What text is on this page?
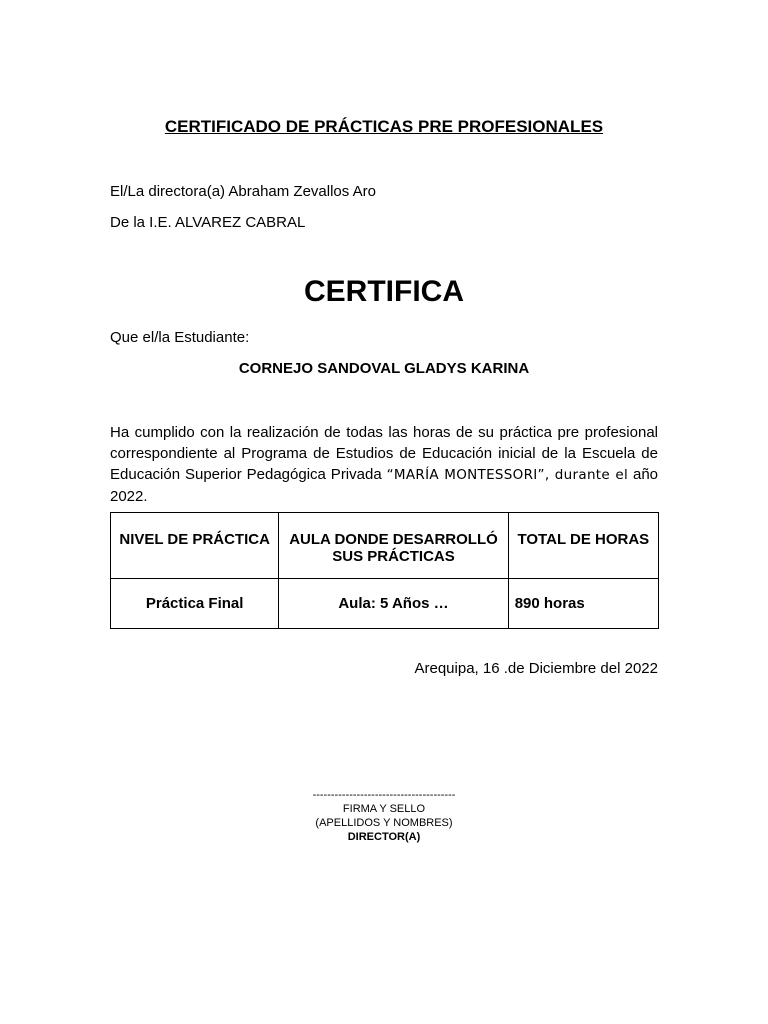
CERTIFICADO DE PRÁCTICAS PRE PROFESIONALES
El/La directora(a) Abraham Zevallos Aro
De la I.E. ALVAREZ CABRAL
CERTIFICA
Que el/la Estudiante:
CORNEJO SANDOVAL GLADYS KARINA
Ha cumplido con la realización de todas las horas de su práctica pre profesional correspondiente al Programa de Estudios de Educación inicial de la Escuela de Educación Superior Pedagógica Privada “MARÍA MONTESSORI”, durante el año 2022.
NIVEL DE PRÁCTICA	AULA DONDE DESARROLLÓ SUS PRÁCTICAS	TOTAL DE HORAS
Práctica Final	Aula: 5 Años …	890 horas
Arequipa, 16 .de Diciembre del 2022
---------------------------------------
FIRMA Y SELLO
(APELLIDOS Y NOMBRES)
DIRECTOR(A)
